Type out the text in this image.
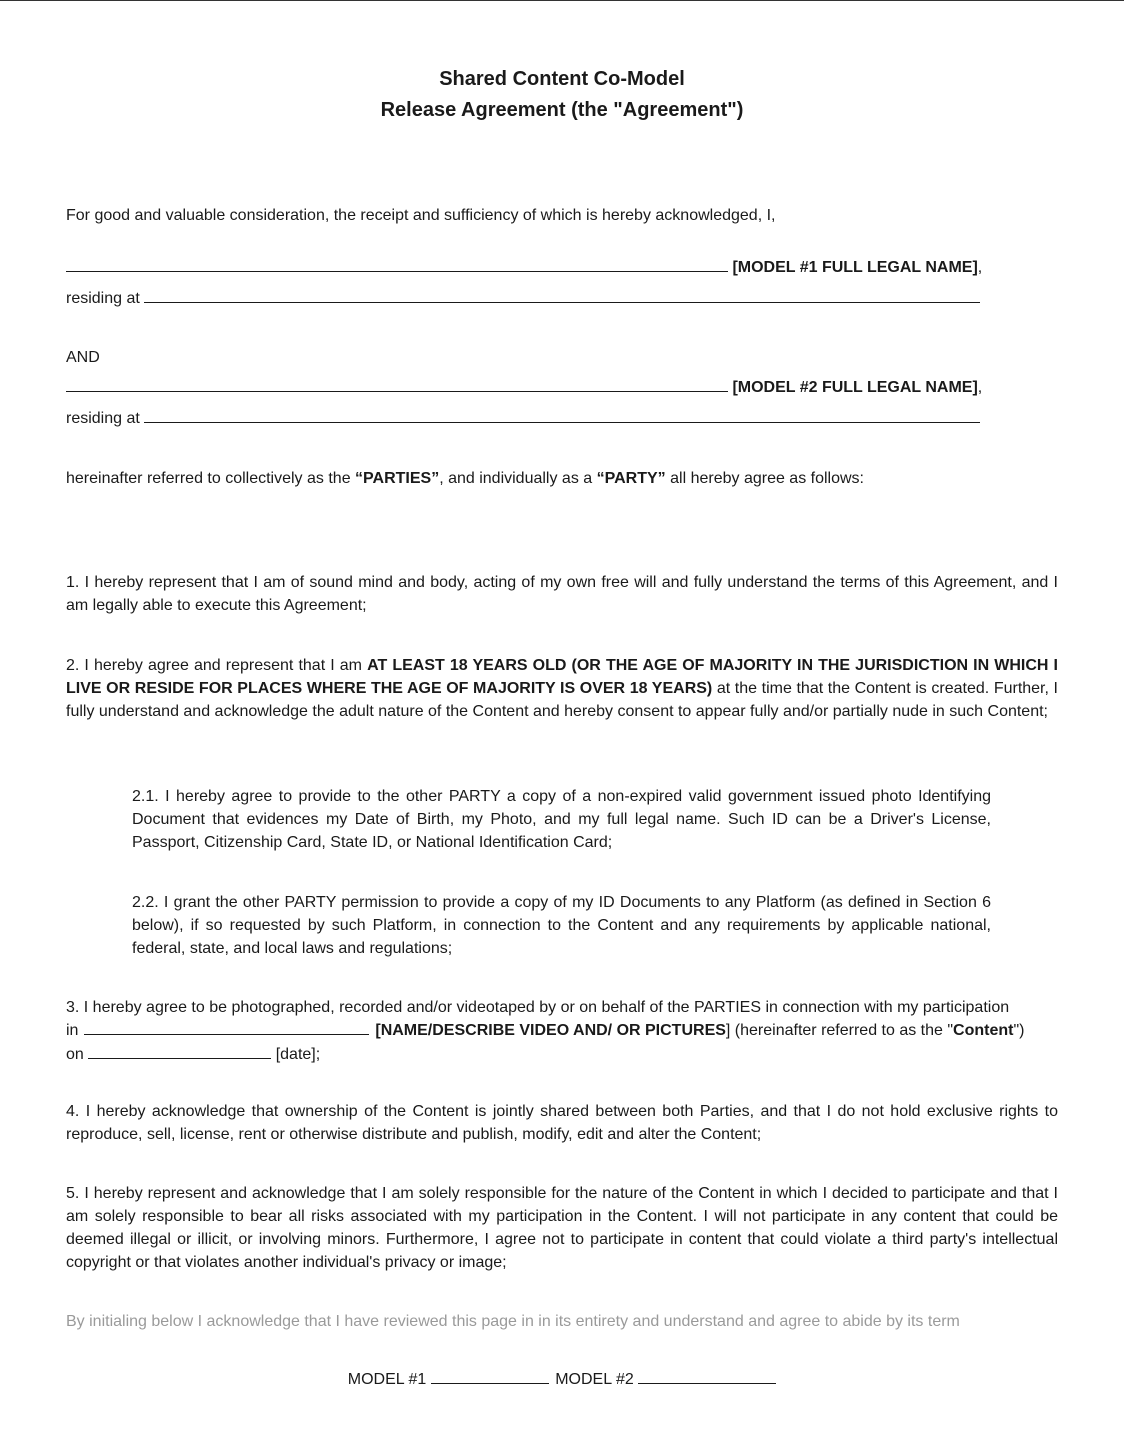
Shared Content Co-Model
Release Agreement (the "Agreement")
For good and valuable consideration, the receipt and sufficiency of which is hereby acknowledged, I,
[MODEL #1 FULL LEGAL NAME],
residing at
AND
[MODEL #2 FULL LEGAL NAME],
residing at
hereinafter referred to collectively as the “PARTIES”, and individually as a “PARTY” all hereby agree as follows:
1. I hereby represent that I am of sound mind and body, acting of my own free will and fully understand the terms of this Agreement, and I am legally able to execute this Agreement;
2. I hereby agree and represent that I am AT LEAST 18 YEARS OLD (OR THE AGE OF MAJORITY IN THE JURISDICTION IN WHICH I LIVE OR RESIDE FOR PLACES WHERE THE AGE OF MAJORITY IS OVER 18 YEARS) at the time that the Content is created. Further, I fully understand and acknowledge the adult nature of the Content and hereby consent to appear fully and/or partially nude in such Content;
2.1. I hereby agree to provide to the other PARTY a copy of a non-expired valid government issued photo Identifying Document that evidences my Date of Birth, my Photo, and my full legal name. Such ID can be a Driver's License, Passport, Citizenship Card, State ID, or National Identification Card;
2.2. I grant the other PARTY permission to provide a copy of my ID Documents to any Platform (as defined in Section 6 below), if so requested by such Platform, in connection to the Content and any requirements by applicable national, federal, state, and local laws and regulations;
3. I hereby agree to be photographed, recorded and/or videotaped by or on behalf of the PARTIES in connection with my participation
in	[NAME/DESCRIBE VIDEO AND/ OR PICTURES] (hereinafter referred to as the "Content")
on	[date];
4. I hereby acknowledge that ownership of the Content is jointly shared between both Parties, and that I do not hold exclusive rights to reproduce, sell, license, rent or otherwise distribute and publish, modify, edit and alter the Content;
5. I hereby represent and acknowledge that I am solely responsible for the nature of the Content in which I decided to participate and that I am solely responsible to bear all risks associated with my participation in the Content. I will not participate in any content that could be deemed illegal or illicit, or involving minors. Furthermore, I agree not to participate in content that could violate a third party's intellectual copyright or that violates another individual's privacy or image;
By initialing below I acknowledge that I have reviewed this page in in its entirety and understand and agree to abide by its term
MODEL #1	MODEL #2
